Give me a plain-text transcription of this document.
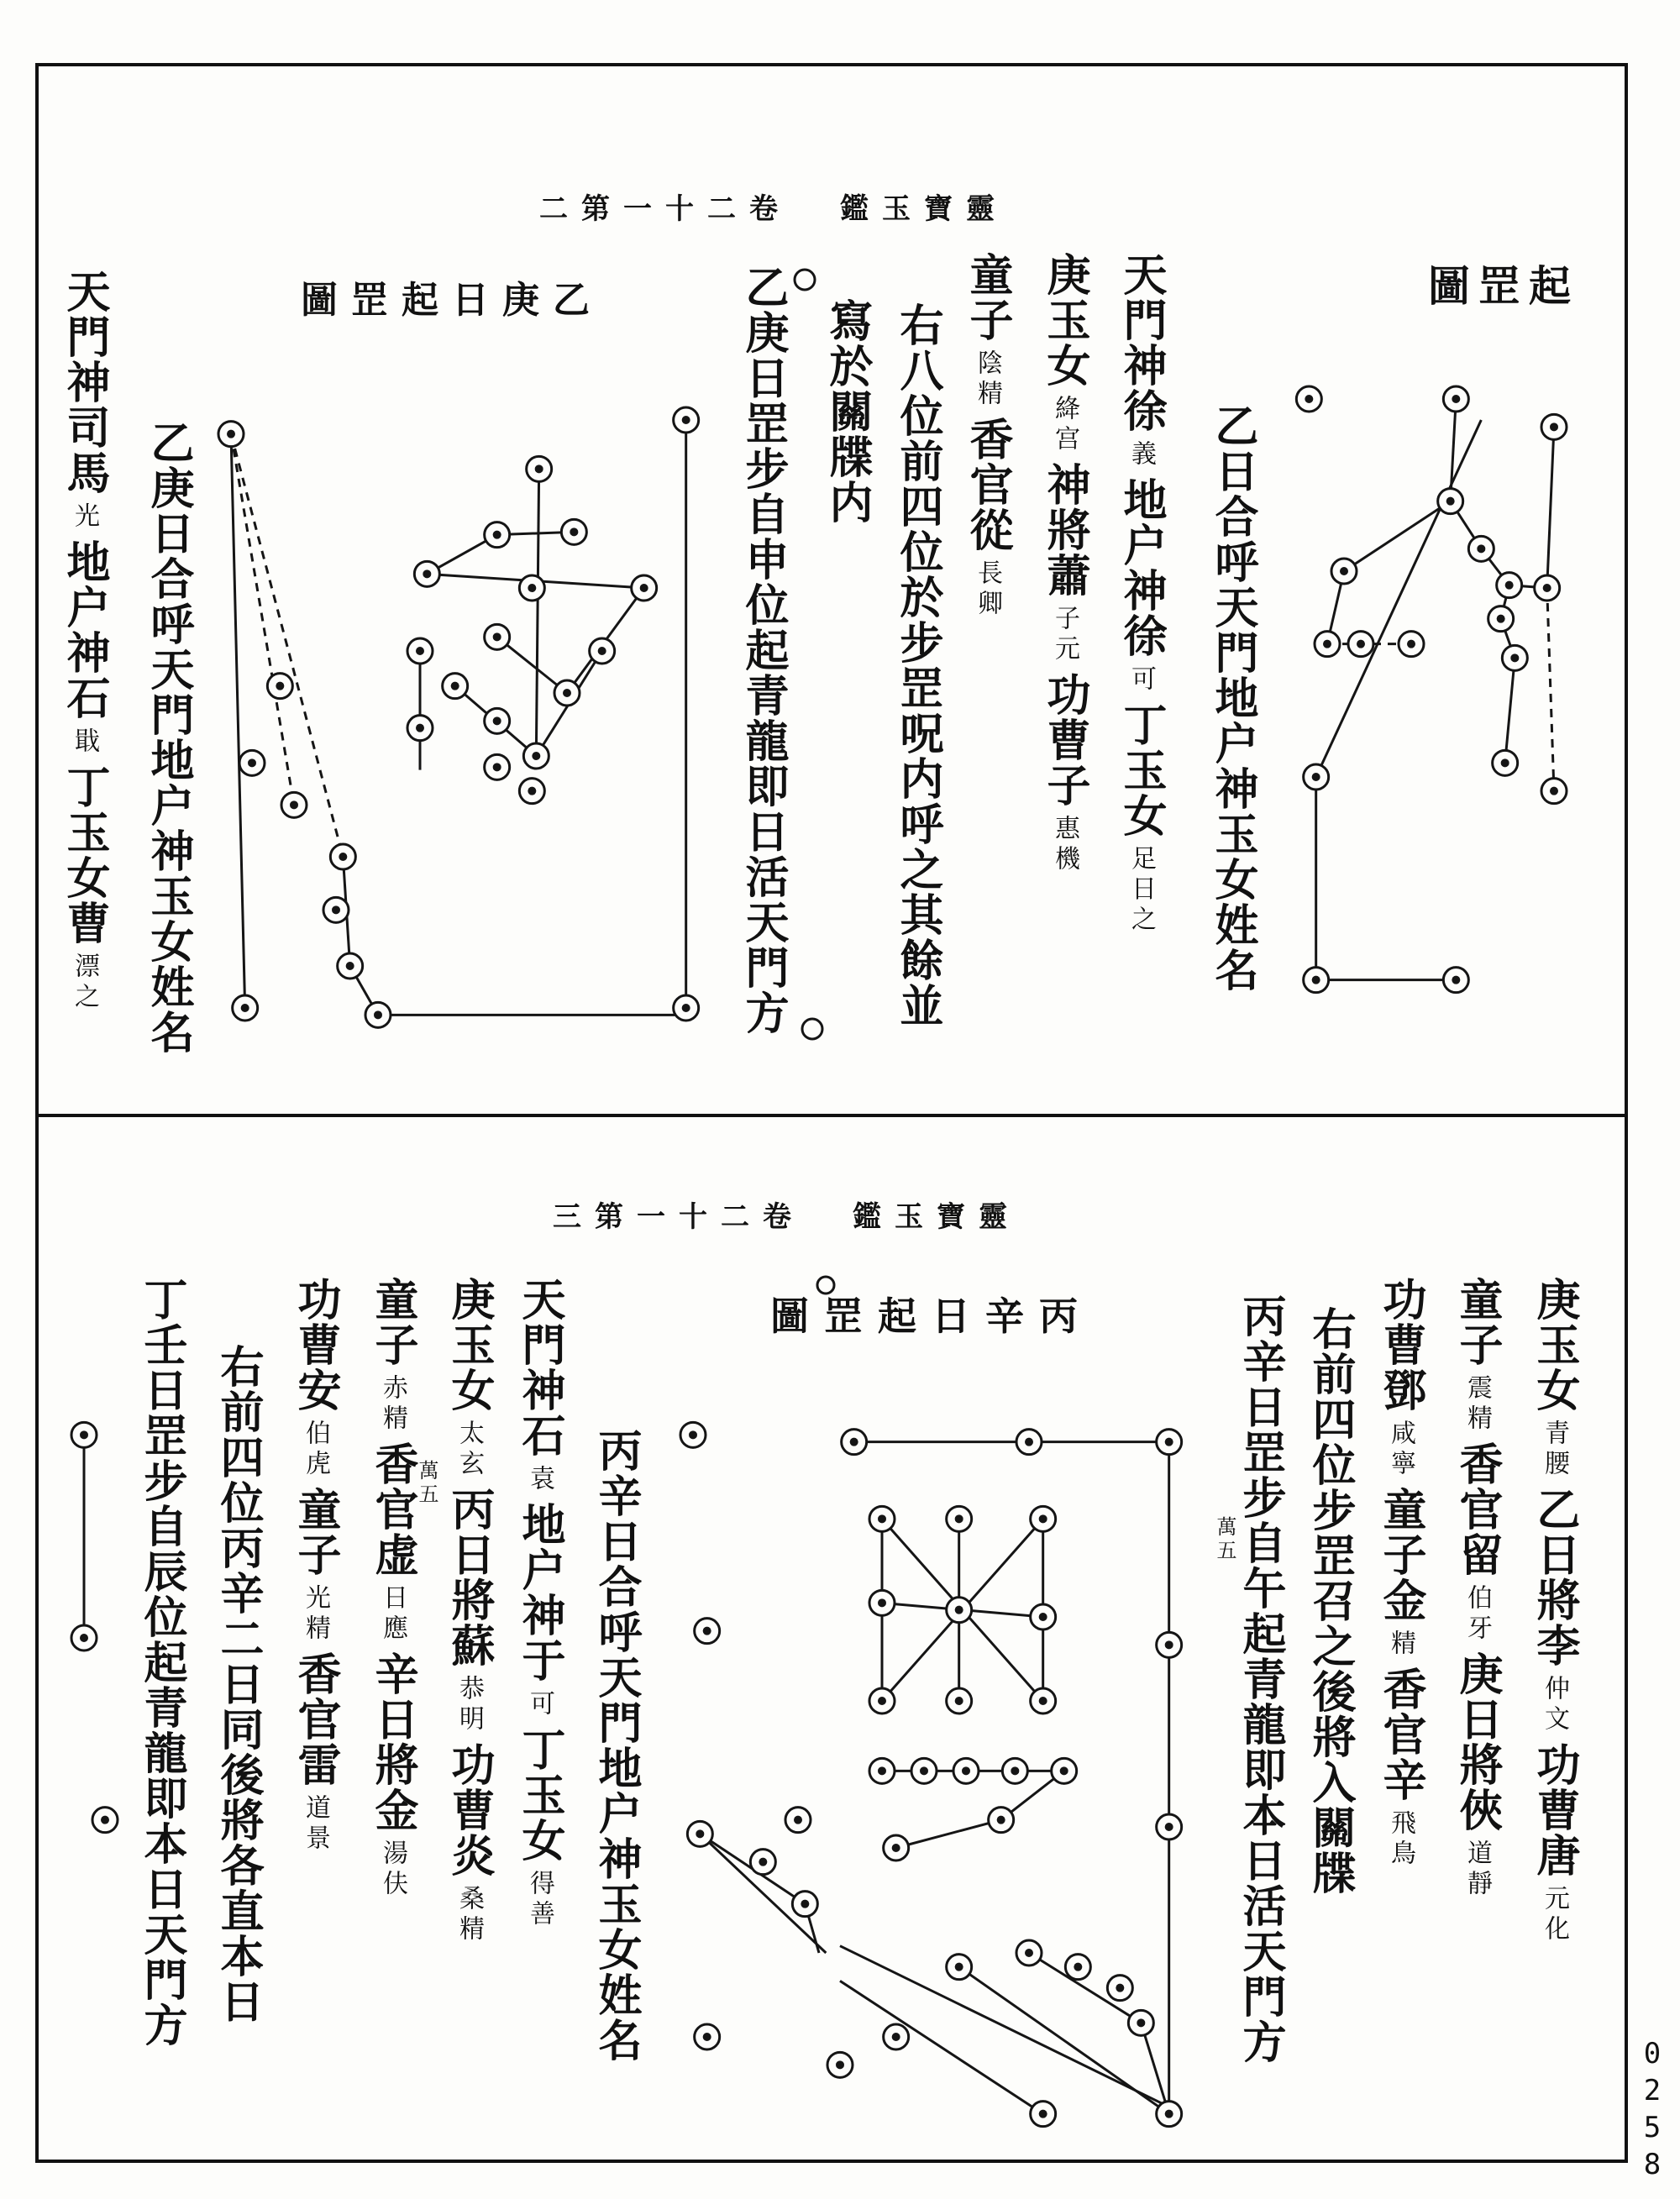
卷二十一
第二	靈寶玉鑑
起罡圖
乙庚日起罡圖
乙日合呼天門地户神玉女姓名
天門神徐義地户神徐可丁玉女足日之
庚玉女絳宫神將蕭子元功曹子惠機
童子陰精香官從長卿
右八位前四位於步罡呪内呼之其餘並
寫於關牒内
乙庚日罡步自申位起青龍即日活天門方
乙庚日合呼天門地户神玉女姓名
天門神司馬光地户神石戢丁玉女曹漂之
卷二十一
第三	靈寶玉鑑
丙辛日起罡圖	庚玉女青腰乙日將李仲文功曹唐元化
童子震精香官留伯牙庚日將俠道靜
功曹鄧咸寧童子金精香官辛飛鳥
右前四位步罡召之後將入關牒
丙辛日罡步自午起青龍即本日活天門方
丙辛日合呼天門地户神玉女姓名
天門神石袁地户神于可丁玉女得善
庚玉女太玄丙日將蘇恭明功曹炎桑精
童子赤精香官虚日應辛日將金湯伕
功曹安伯虎童子光精香官雷道景
右前四位丙辛二日同後將各直本日
丁壬日罡步自辰位起青龍即本日天門方	萬五
萬五
0258
